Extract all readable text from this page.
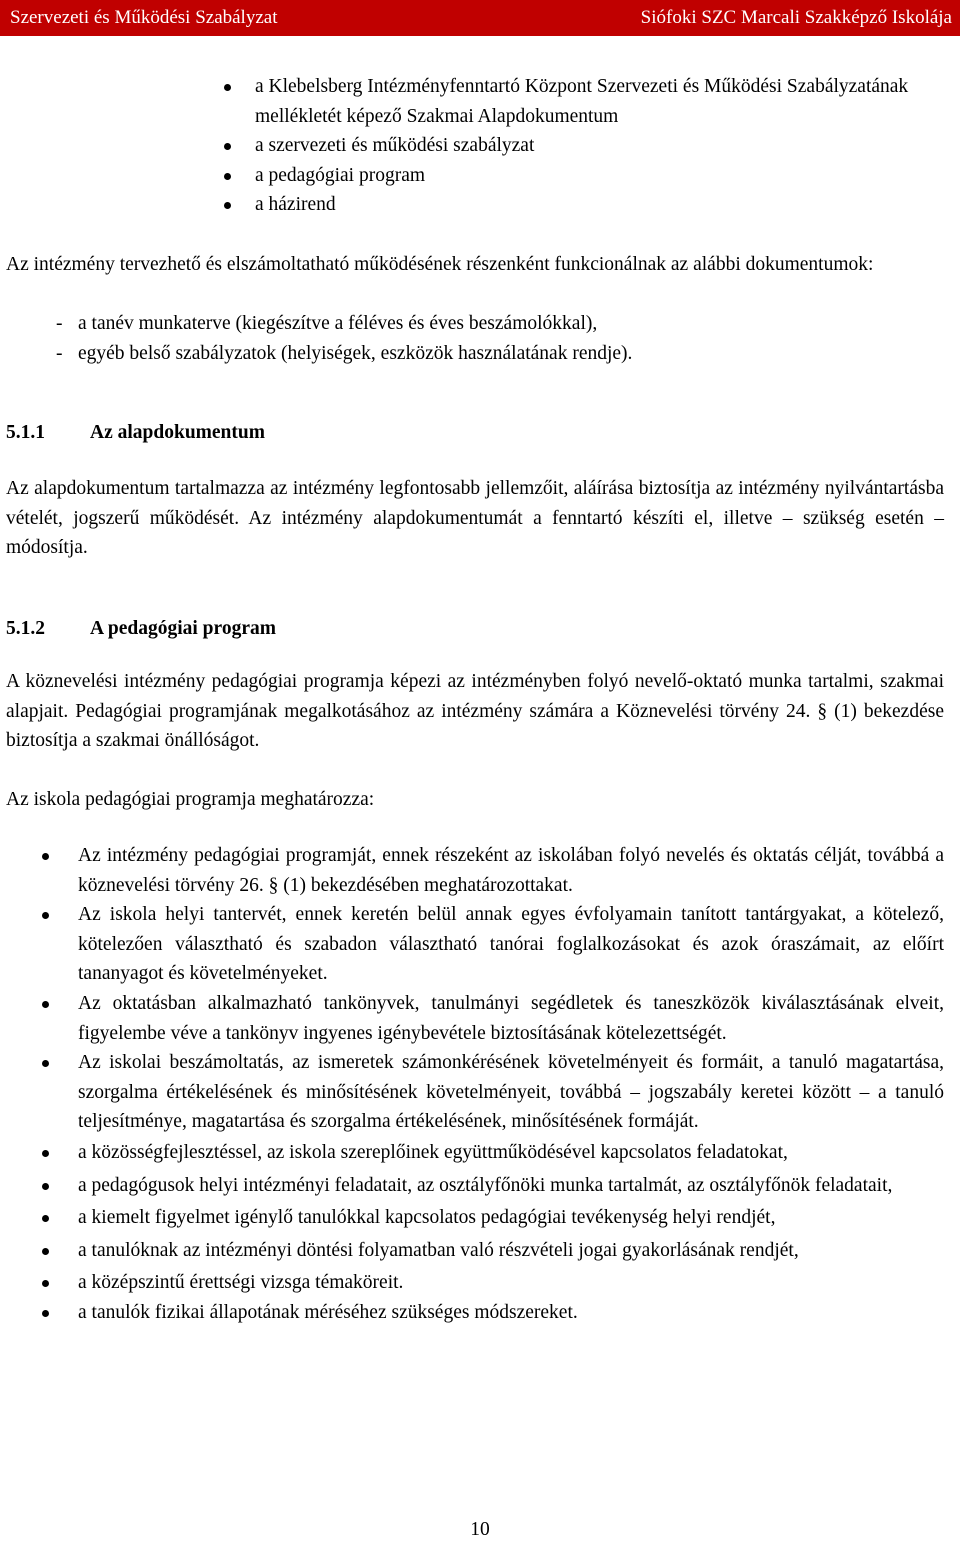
Szervezeti és Működési Szabályzat	Siófoki SZC Marcali Szakképző Iskolája
a Klebelsberg Intézményfenntartó Központ Szervezeti és Működési Szabályzatának mellékletét képező Szakmai Alapdokumentum
a szervezeti és működési szabályzat
a pedagógiai program
a házirend
Az intézmény tervezhető és elszámoltatható működésének részenként funkcionálnak az alábbi dokumentumok:
- a tanév munkaterve (kiegészítve a féléves és éves beszámolókkal),
- egyéb belső szabályzatok (helyiségek, eszközök használatának rendje).
5.1.1 Az alapdokumentum
Az alapdokumentum tartalmazza az intézmény legfontosabb jellemzőit, aláírása biztosítja az intézmény nyilvántartásba vételét, jogszerű működését. Az intézmény alapdokumentumát a fenntartó készíti el, illetve – szükség esetén – módosítja.
5.1.2 A pedagógiai program
A köznevelési intézmény pedagógiai programja képezi az intézményben folyó nevelő-oktató munka tartalmi, szakmai alapjait. Pedagógiai programjának megalkotásához az intézmény számára a Köznevelési törvény 24. § (1) bekezdése biztosítja a szakmai önállóságot.
Az iskola pedagógiai programja meghatározza:
Az intézmény pedagógiai programját, ennek részeként az iskolában folyó nevelés és oktatás célját, továbbá a köznevelési törvény 26. § (1) bekezdésében meghatározottakat.
Az iskola helyi tantervét, ennek keretén belül annak egyes évfolyamain tanított tantárgyakat, a kötelező, kötelezően választható és szabadon választható tanórai foglalkozásokat és azok óraszámait, az előírt tananyagot és követelményeket.
Az oktatásban alkalmazható tankönyvek, tanulmányi segédletek és taneszközök kiválasztásának elveit, figyelembe véve a tankönyv ingyenes igénybevétele biztosításának kötelezettségét.
Az iskolai beszámoltatás, az ismeretek számonkérésének követelményeit és formáit, a tanuló magatartása, szorgalma értékelésének és minősítésének követelményeit, továbbá – jogszabály keretei között – a tanuló teljesítménye, magatartása és szorgalma értékelésének, minősítésének formáját.
a közösségfejlesztéssel, az iskola szereplőinek együttműködésével kapcsolatos feladatokat,
a pedagógusok helyi intézményi feladatait, az osztályfőnöki munka tartalmát, az osztályfőnök feladatait,
a kiemelt figyelmet igénylő tanulókkal kapcsolatos pedagógiai tevékenység helyi rendjét,
a tanulóknak az intézményi döntési folyamatban való részvételi jogai gyakorlásának rendjét,
a középszintű érettségi vizsga témaköreit.
a tanulók fizikai állapotának méréséhez szükséges módszereket.
10
